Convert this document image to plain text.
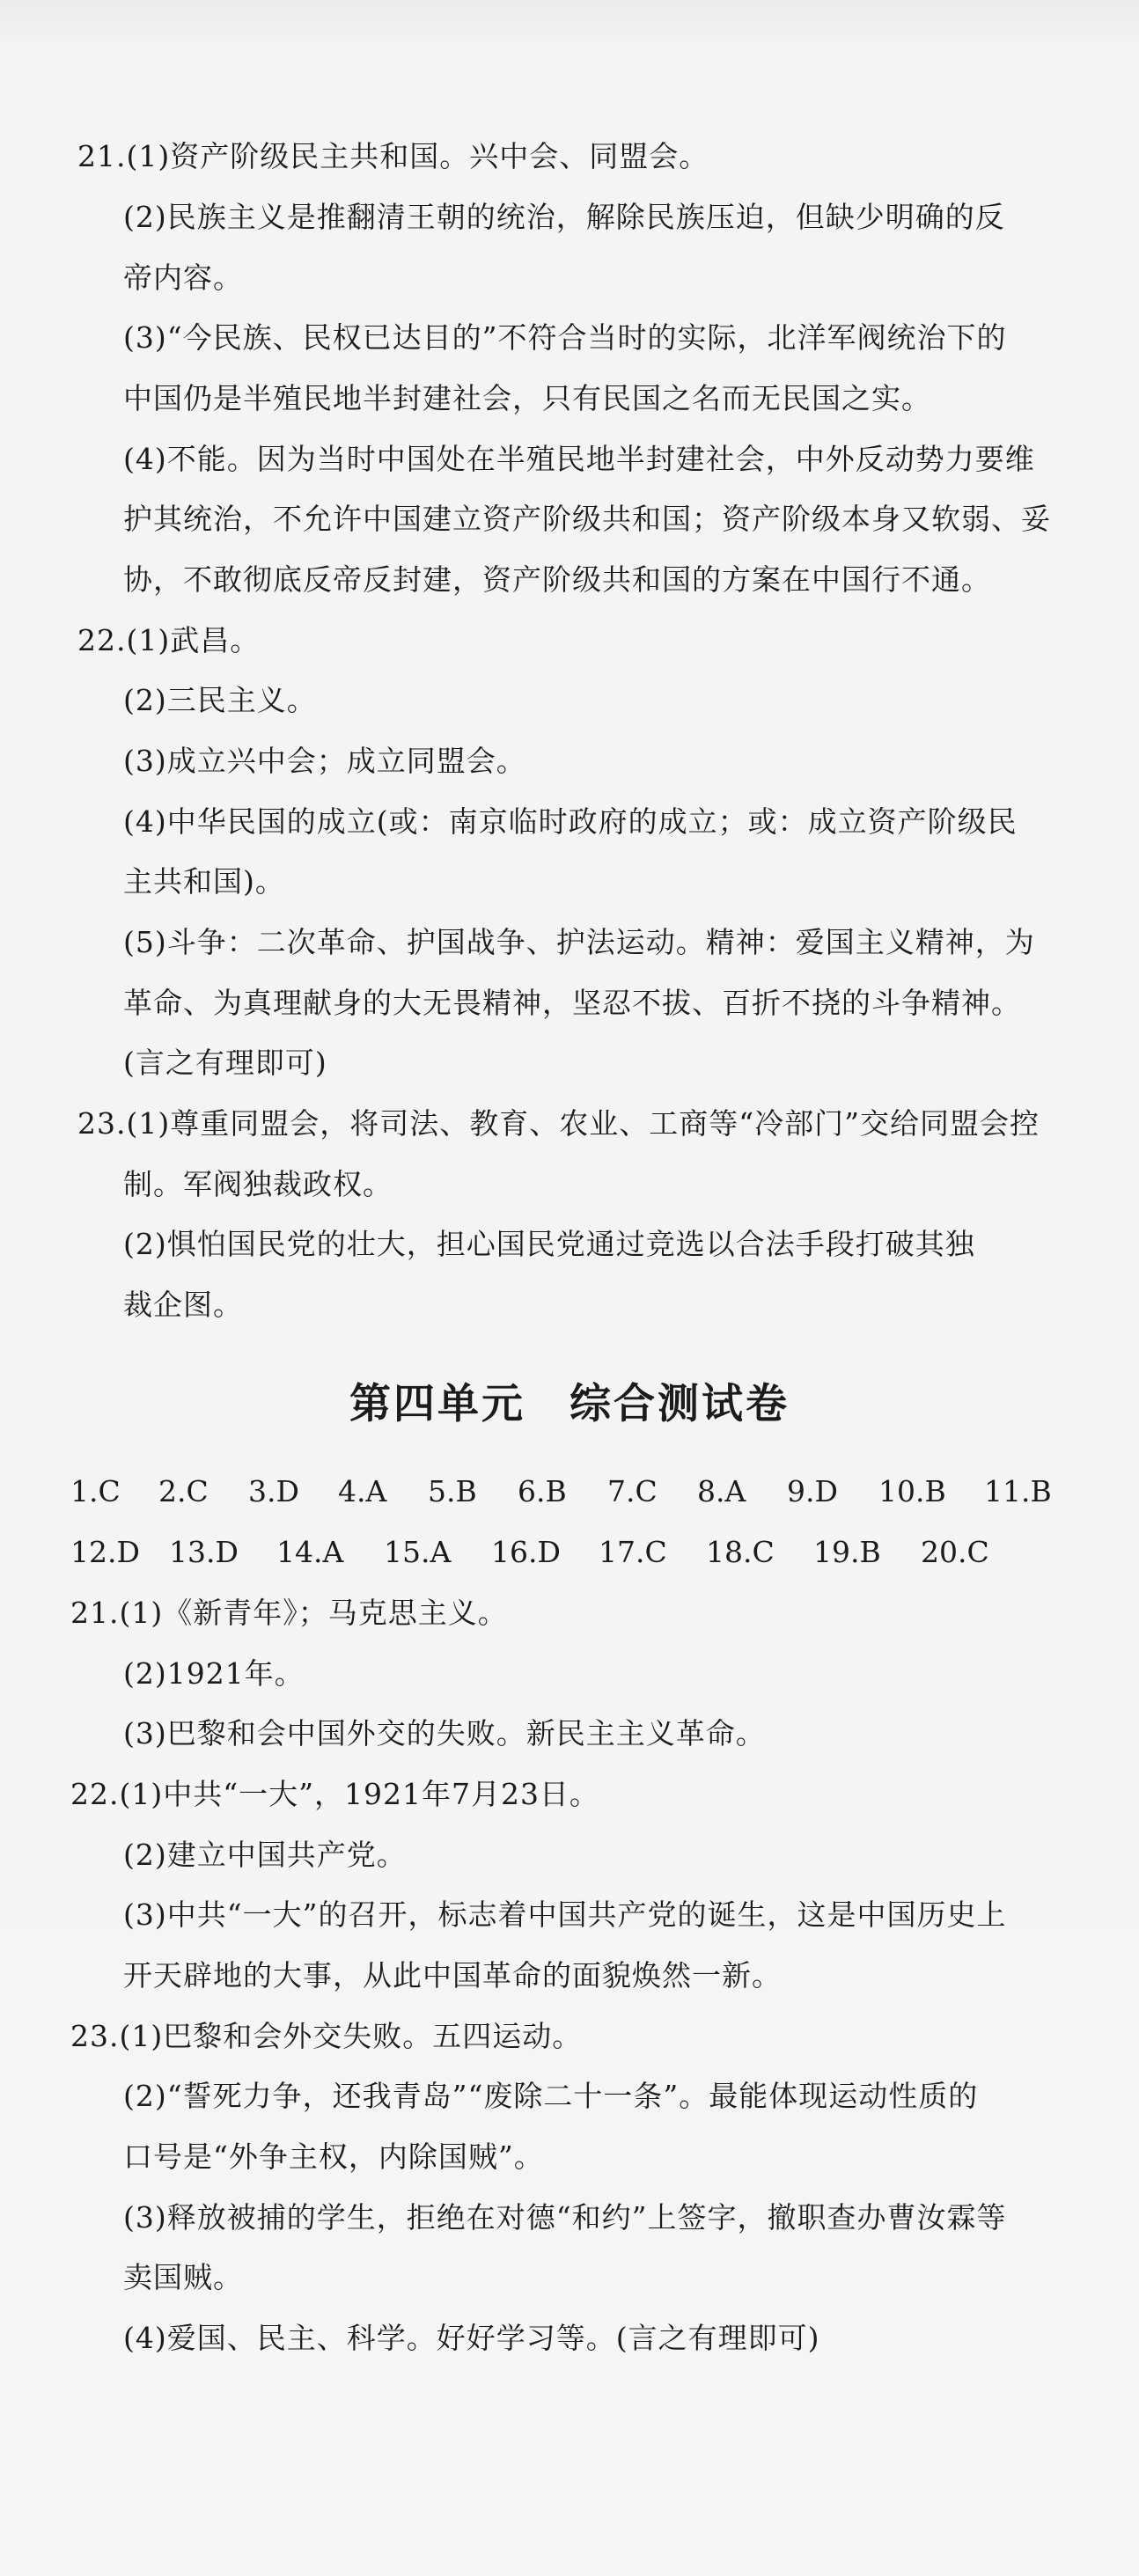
21.(1)资产阶级民主共和国。兴中会、同盟会。
(2)民族主义是推翻清王朝的统治，解除民族压迫，但缺少明确的反
帝内容。
(3)“今民族、民权已达目的”不符合当时的实际，北洋军阀统治下的
中国仍是半殖民地半封建社会，只有民国之名而无民国之实。
(4)不能。因为当时中国处在半殖民地半封建社会，中外反动势力要维
护其统治，不允许中国建立资产阶级共和国；资产阶级本身又软弱、妥
协，不敢彻底反帝反封建，资产阶级共和国的方案在中国行不通。
22.(1)武昌。
(2)三民主义。
(3)成立兴中会；成立同盟会。
(4)中华民国的成立(或：南京临时政府的成立；或：成立资产阶级民
主共和国)。
(5)斗争：二次革命、护国战争、护法运动。精神：爱国主义精神，为
革命、为真理献身的大无畏精神，坚忍不拔、百折不挠的斗争精神。
(言之有理即可)
23.(1)尊重同盟会，将司法、教育、农业、工商等“冷部门”交给同盟会控
制。军阀独裁政权。
(2)惧怕国民党的壮大，担心国民党通过竞选以合法手段打破其独
裁企图。
第四单元　综合测试卷
1.C 2.C 3.D 4.A 5.B 6.B 7.C 8.A 9.D 10.B 11.B
12.D 13.D 14.A 15.A 16.D 17.C 18.C 19.B 20.C
21.(1)《新青年》；马克思主义。
(2)1921年。
(3)巴黎和会中国外交的失败。新民主主义革命。
22.(1)中共“一大”，1921年7月23日。
(2)建立中国共产党。
(3)中共“一大”的召开，标志着中国共产党的诞生，这是中国历史上
开天辟地的大事，从此中国革命的面貌焕然一新。
23.(1)巴黎和会外交失败。五四运动。
(2)“誓死力争，还我青岛”“废除二十一条”。最能体现运动性质的
口号是“外争主权，内除国贼”。
(3)释放被捕的学生，拒绝在对德“和约”上签字，撤职查办曹汝霖等
卖国贼。
(4)爱国、民主、科学。好好学习等。(言之有理即可)
